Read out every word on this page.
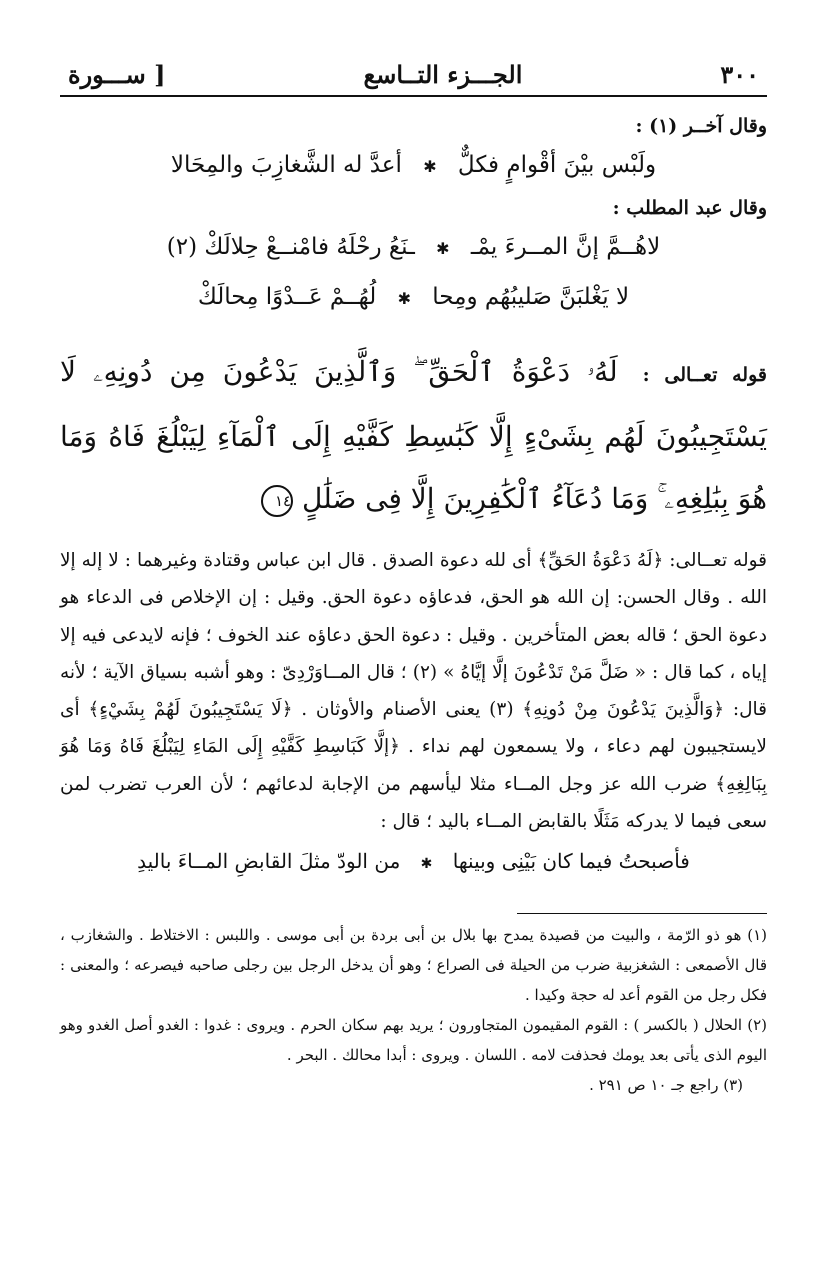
٣٠٠
الجـــزء التــاسع
[ ســـورة
وقال آخــر (١) :
ولَبْس بيْنَ أقْوامٍ فكلٌّ ✱ أعدَّ له الشَّغازِبَ والمِحَالا
وقال عبد المطلب :
لاهُــمَّ إنَّ المــرءَ يمْـ ✱ ـنَعُ رحْلَهُ فامْنــعْ حِلالَكْ (٢)
لا يَغْلبَنَّ صَليبُهُم ومِحا ✱ لُهُــمْ عَــدْوًا مِحالَكْ
قوله تعــالى : لَهُۥ دَعْوَةُ ٱلْحَقِّ ۖ وَٱلَّذِينَ يَدْعُونَ مِن دُونِهِۦ لَا يَسْتَجِيبُونَ لَهُم بِشَىْءٍ إِلَّا كَبَٰسِطِ كَفَّيْهِ إِلَى ٱلْمَآءِ لِيَبْلُغَ فَاهُ وَمَا هُوَ بِبَٰلِغِهِۦ ۚ وَمَا دُعَآءُ ٱلْكَٰفِرِينَ إِلَّا فِى ضَلَٰلٍ ١٤

قوله تعــالى: ﴿لَهُ دَعْوَةُ الحَقِّ﴾ أى لله دعوة الصدق . قال ابن عباس وقتادة وغيرهما : لا إله إلا الله . وقال الحسن: إن الله هو الحق، فدعاؤه دعوة الحق. وقيل : إن الإخلاص فى الدعاء هو دعوة الحق ؛ قاله بعض المتأخرين . وقيل : دعوة الحق دعاؤه عند الخوف ؛ فإنه لايدعى فيه إلا إياه ، كما قال : « ضَلَّ مَنْ تَدْعُونَ إلَّا إيَّاهُ » (٢) ؛ قال المــاوَرْدِىّ : وهو أشبه بسياق الآية ؛ لأنه قال: ﴿وَالَّذِينَ يَدْعُونَ مِنْ دُونِهِ﴾ (٣) يعنى الأصنام والأوثان . ﴿لَا يَسْتَجِيبُونَ لَهُمْ بِشَيْءٍ﴾ أى لايستجيبون لهم دعاء ، ولا يسمعون لهم نداء . ﴿إلَّا كَبَاسِطِ كَفَّيْهِ إِلَى المَاءِ لِيَبْلُغَ فَاهُ وَمَا هُوَ بِبَالِغِهِ﴾ ضرب الله عز وجل المــاء مثلا ليأسهم من الإجابة لدعائهم ؛ لأن العرب تضرب لمن سعى فيما لا يدركه مَثَلًا بالقابض المــاء باليد ؛ قال :

فأصبحتُ فيما كان بَيْنِى وبينها ✱ من الودّ مثلَ القابضِ المــاءَ باليدِ

(١) هو ذو الرّمة ، والبيت من قصيدة يمدح بها بلال بن أبى بردة بن أبى موسى . واللبس : الاختلاط . والشغازب ، قال الأصمعى : الشغزبية ضرب من الحيلة فى الصراع ؛ وهو أن يدخل الرجل بين رجلى صاحبه فيصرعه ؛ والمعنى : فكل رجل من القوم أعد له حجة وكيدا .

(٢) الحلال ( بالكسر ) : القوم المقيمون المتجاورون ؛ يريد بهم سكان الحرم . ويروى : غدوا : الغدو أصل الغدو وهو اليوم الذى يأتى بعد يومك فحذفت لامه . اللسان . ويروى : أبدا محالك . البحر .

(٣) راجع جـ ١٠ ص ٢٩١ .
